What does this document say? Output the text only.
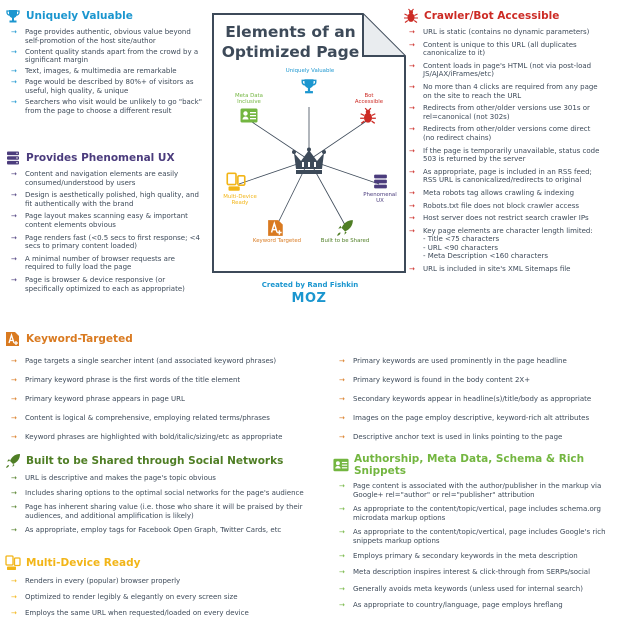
Uniquely Valuable
→ Page provides authentic, obvious value beyond self-promotion of the host site/author
→ Content quality stands apart from the crowd by a significant margin
→ Text, images, & multimedia are remarkable
→ Page would be described by 80%+ of visitors as useful, high quality, & unique
→ Searchers who visit would be unlikely to go "back" from the page to choose a different result
Provides Phenomenal UX
→ Content and navigation elements are easily consumed/understood by users
→ Design is aesthetically polished, high quality, and fit authentically with the brand
→ Page layout makes scanning easy & important content elements obvious
→ Page renders fast (<0.5 secs to first response; <4 secs to primary content loaded)
→ A minimal number of browser requests are required to fully load the page
→ Page is browser & device responsive (or specifically optimized to each as appropriate)
Elements of an
Optimized Page
Uniquely Valuable
Meta Data
Inclusive
Bot
Accessible
Multi-Device
Ready
Phenomenal
UX
Keyword Targeted	Built to be Shared
Created by Rand Fishkin
MOZ
Crawler/Bot Accessible
→ URL is static (contains no dynamic parameters)
→ Content is unique to this URL (all duplicates canonicalize to it)
→ Content loads in page's HTML (not via post-load JS/AJAX/iFrames/etc)
→ No more than 4 clicks are required from any page on the site to reach the URL
→ Redirects from other/older versions use 301s or rel=canonical (not 302s)
→ Redirects from other/older versions come direct (no redirect chains)
→ If the page is temporarily unavailable, status code 503 is returned by the server
→ As appropriate, page is included in an RSS feed; RSS URL is canonicalized/redirects to original
→ Meta robots tag allows crawling & indexing
→ Robots.txt file does not block crawler access
→ Host server does not restrict search crawler IPs
→ Key page elements are character length limited:
- Title <75 characters
- URL <90 characters
- Meta Description <160 characters
→ URL is included in site's XML Sitemaps file
Keyword-Targeted
→ Page targets a single searcher intent (and associated keyword phrases)
→ Primary keyword phrase is the first words of the title element
→ Primary keyword phrase appears in page URL
→ Content is logical & comprehensive, employing related terms/phrases
→ Keyword phrases are highlighted with bold/italic/sizing/etc as appropriate
→ Primary keywords are used prominently in the page headline
→ Primary keyword is found in the body content 2X+
→ Secondary keywords appear in headline(s)/title/body as appropriate
→ Images on the page employ descriptive, keyword-rich alt attributes
→ Descriptive anchor text is used in links pointing to the page
Built to be Shared through Social Networks
→ URL is descriptive and makes the page's topic obvious
→ Includes sharing options to the optimal social networks for the page's audience
→ Page has inherent sharing value (i.e. those who share it will be praised by their audiences, and additional amplification is likely)
→ As appropriate, employ tags for Facebook Open Graph, Twitter Cards, etc
Multi-Device Ready
→ Renders in every (popular) browser properly
→ Optimized to render legibly & elegantly on every screen size
→ Employs the same URL when requested/loaded on every device
Authorship, Meta Data, Schema & Rich Snippets
→ Page content is associated with the author/publisher in the markup via Google+ rel="author" or rel="publisher" attribution
→ As appropriate to the content/topic/vertical, page includes schema.org microdata markup options
→ As appropriate to the content/topic/vertical, page includes Google's rich snippets markup options
→ Employs primary & secondary keywords in the meta description
→ Meta description inspires interest & click-through from SERPs/social
→ Generally avoids meta keywords (unless used for internal search)
→ As appropriate to country/language, page employs hreflang
